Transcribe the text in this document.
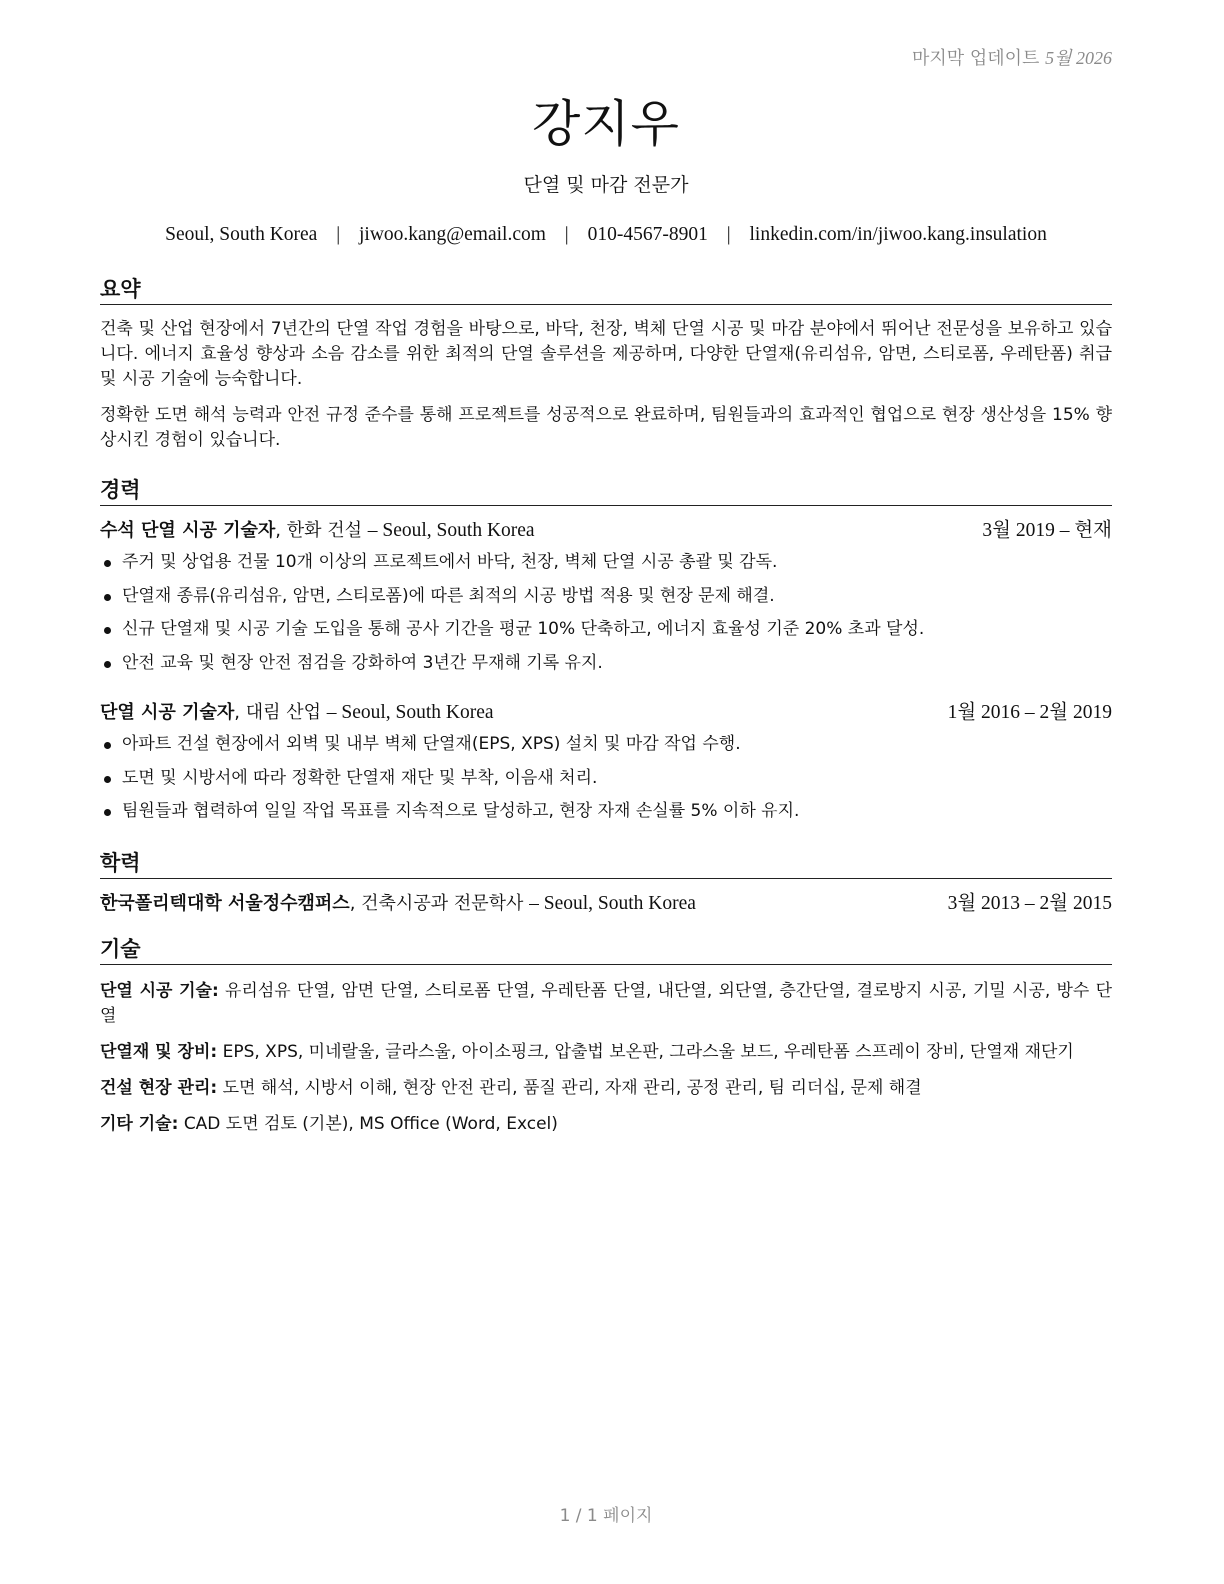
마지막 업데이트 5월 2026
강지우
단열 및 마감 전문가
Seoul, South Korea | jiwoo.kang@email.com | 010-4567-8901 | linkedin.com/in/jiwoo.kang.insulation
요약

건축 및 산업 현장에서 7년간의 단열 작업 경험을 바탕으로, 바닥, 천장, 벽체 단열 시공 및 마감 분야에서 뛰어난 전문성을 보유하고 있습니다. 에너지 효율성 향상과 소음 감소를 위한 최적의 단열 솔루션을 제공하며, 다양한 단열재(유리섬유, 암면, 스티로폼, 우레탄폼) 취급 및 시공 기술에 능숙합니다.

정확한 도면 해석 능력과 안전 규정 준수를 통해 프로젝트를 성공적으로 완료하며, 팀원들과의 효과적인 협업으로 현장 생산성을 15% 향상시킨 경험이 있습니다.

경력
수석 단열 시공 기술자, 한화 건설 – Seoul, South Korea	3월 2019 – 현재
주거 및 상업용 건물 10개 이상의 프로젝트에서 바닥, 천장, 벽체 단열 시공 총괄 및 감독.
단열재 종류(유리섬유, 암면, 스티로폼)에 따른 최적의 시공 방법 적용 및 현장 문제 해결.
신규 단열재 및 시공 기술 도입을 통해 공사 기간을 평균 10% 단축하고, 에너지 효율성 기준 20% 초과 달성.
안전 교육 및 현장 안전 점검을 강화하여 3년간 무재해 기록 유지.
단열 시공 기술자, 대림 산업 – Seoul, South Korea	1월 2016 – 2월 2019
아파트 건설 현장에서 외벽 및 내부 벽체 단열재(EPS, XPS) 설치 및 마감 작업 수행.
도면 및 시방서에 따라 정확한 단열재 재단 및 부착, 이음새 처리.
팀원들과 협력하여 일일 작업 목표를 지속적으로 달성하고, 현장 자재 손실률 5% 이하 유지.
학력
한국폴리텍대학 서울정수캠퍼스, 건축시공과 전문학사 – Seoul, South Korea	3월 2013 – 2월 2015
기술

단열 시공 기술: 유리섬유 단열, 암면 단열, 스티로폼 단열, 우레탄폼 단열, 내단열, 외단열, 층간단열, 결로방지 시공, 기밀 시공, 방수 단열

단열재 및 장비: EPS, XPS, 미네랄울, 글라스울, 아이소핑크, 압출법 보온판, 그라스울 보드, 우레탄폼 스프레이 장비, 단열재 재단기

건설 현장 관리: 도면 해석, 시방서 이해, 현장 안전 관리, 품질 관리, 자재 관리, 공정 관리, 팀 리더십, 문제 해결

기타 기술: CAD 도면 검토 (기본), MS Office (Word, Excel)

1 / 1 페이지
